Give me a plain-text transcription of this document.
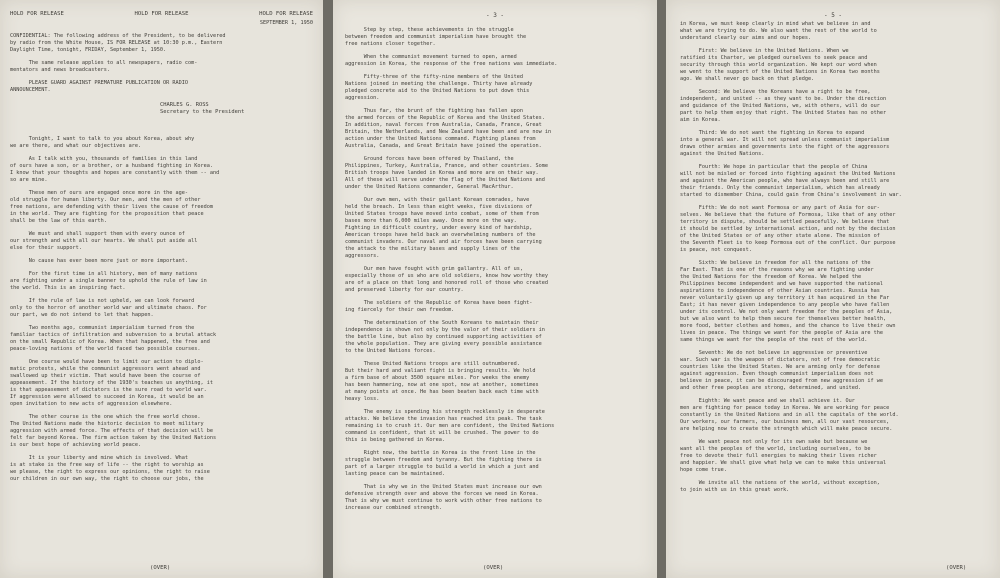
HOLD FOR RELEASE	HOLD FOR RELEASE	HOLD FOR RELEASE
SEPTEMBER 1, 1950
CONFIDENTIAL: The following address of the President, to be delivered
by radio from the White House, IS FOR RELEASE at 10:30 p.m., Eastern
Daylight Time, tonight, FRIDAY, September 1, 1950.
The same release applies to all newspapers, radio com-
mentators and news broadcasters.
PLEASE GUARD AGAINST PREMATURE PUBLICATION OR RADIO
ANNOUNCEMENT.
CHARLES G. ROSS
Secretary to the President
Tonight, I want to talk to you about Korea, about why
we are there, and what our objectives are.
As I talk with you, thousands of families in this land
of ours have a son, or a brother, or a husband fighting in Korea.
I know that your thoughts and hopes are constantly with them -- and
so are mine.
These men of ours are engaged once more in the age-
old struggle for human liberty. Our men, and the men of other
free nations, are defending with their lives the cause of freedom
in the world. They are fighting for the proposition that peace
shall be the law of this earth.
We must and shall support them with every ounce of
our strength and with all our hearts. We shall put aside all
else for their support.
No cause has ever been more just or more important.
For the first time in all history, men of many nations
are fighting under a single banner to uphold the rule of law in
the world. This is an inspiring fact.
If the rule of law is not upheld, we can look forward
only to the horror of another world war and ultimate chaos. For
our part, we do not intend to let that happen.
Two months ago, communist imperialism turned from the
familiar tactics of infiltration and subversion to a brutal attack
on the small Republic of Korea. When that happened, the free and
peace-loving nations of the world faced two possible courses.
One course would have been to limit our action to diplo-
matic protests, while the communist aggressors went ahead and
swallowed up their victim. That would have been the course of
appeasement. If the history of the 1930's teaches us anything, it
is that appeasement of dictators is the sure road to world war.
If aggression were allowed to succeed in Korea, it would be an
open invitation to new acts of aggression elsewhere.
The other course is the one which the free world chose.
The United Nations made the historic decision to meet military
aggression with armed force. The effects of that decision will be
felt far beyond Korea. The firm action taken by the United Nations
is our best hope of achieving world peace.
It is your liberty and mine which is involved. What
is at stake is the free way of life -- the right to worship as
we please, the right to express our opinions, the right to raise
our children in our own way, the right to choose our jobs, the
(OVER)
- 3 -
Step by step, these achievements in the struggle
between freedom and communist imperialism have brought the
free nations closer together.
When the communist movement turned to open, armed
aggression in Korea, the response of the free nations was immediate.
Fifty-three of the fifty-nine members of the United
Nations joined in meeting the challenge. Thirty have already
pledged concrete aid to the United Nations to put down this
aggression.
Thus far, the brunt of the fighting has fallen upon
the armed forces of the Republic of Korea and the United States.
In addition, naval forces from Australia, Canada, France, Great
Britain, the Netherlands, and New Zealand have been and are now in
action under the United Nations command. Fighting planes from
Australia, Canada, and Great Britain have joined the operation.
Ground forces have been offered by Thailand, the
Philippines, Turkey, Australia, France, and other countries. Some
British troops have landed in Korea and more are on their way.
All of these will serve under the flag of the United Nations and
under the United Nations commander, General MacArthur.
Our own men, with their gallant Korean comrades, have
held the breach. In less than eight weeks, five divisions of
United States troops have moved into combat, some of them from
bases more than 6,000 miles away. Once more on the way.
Fighting in difficult country, under every kind of hardship,
American troops have held back an overwhelming numbers of the
communist invaders. Our naval and air forces have been carrying
the attack to the military bases and supply lines of the
aggressors.
Our men have fought with grim gallantry. All of us,
especially those of us who are old soldiers, know how worthy they
are of a place on that long and honored roll of those who created
and preserved liberty for our country.
The soldiers of the Republic of Korea have been fight-
ing fiercely for their own freedom.
The determination of the South Koreans to maintain their
independence is shown not only by the valor of their soldiers in
the battle line, but also by continued supporting activities of
the whole population. They are giving every possible assistance
to the United Nations forces.
These United Nations troops are still outnumbered.
But their hard and valiant fight is bringing results. We hold
a firm base of about 3500 square miles. For weeks the enemy
has been hammering, now at one spot, now at another, sometimes
at many points at once. He has been beaten back each time with
heavy loss.
The enemy is spending his strength recklessly in desperate
attacks. We believe the invasion has reached its peak. The task
remaining is to crush it. Our men are confident, the United Nations
command is confident, that it will be crushed. The power to do
this is being gathered in Korea.
Right now, the battle in Korea is the front line in the
struggle between freedom and tyranny. But the fighting there is
part of a larger struggle to build a world in which a just and
lasting peace can be maintained.
That is why we in the United States must increase our own
defensive strength over and above the forces we need in Korea.
That is why we must continue to work with other free nations to
increase our combined strength.
(OVER)
- 5 -
in Korea, we must keep clearly in mind what we believe in and
what we are trying to do. We also want the rest of the world to
understand clearly our aims and our hopes.
First: We believe in the United Nations. When we
ratified its Charter, we pledged ourselves to seek peace and
security through this world organization. We kept our word when
we went to the support of the United Nations in Korea two months
ago. We shall never go back on that pledge.
Second: We believe the Koreans have a right to be free,
independent, and united -- as they want to be. Under the direction
and guidance of the United Nations, we, with others, will do our
part to help them enjoy that right. The United States has no other
aim in Korea.
Third: We do not want the fighting in Korea to expand
into a general war. It will not spread unless communist imperialism
draws other armies and governments into the fight of the aggressors
against the United Nations.
Fourth: We hope in particular that the people of China
will not be misled or forced into fighting against the United Nations
and against the American people, who have always been and still are
their friends. Only the communist imperialism, which has already
started to dismember China, could gain from China's involvement in war.
Fifth: We do not want Formosa or any part of Asia for our-
selves. We believe that the future of Formosa, like that of any other
territory in dispute, should be settled peacefully. We believe that
it should be settled by international action, and not by the decision
of the United States or of any other state alone. The mission of
the Seventh Fleet is to keep Formosa out of the conflict. Our purpose
is peace, not conquest.
Sixth: We believe in freedom for all the nations of the
Far East. That is one of the reasons why we are fighting under
the United Nations for the freedom of Korea. We helped the
Philippines become independent and we have supported the national
aspirations to independence of other Asian countries. Russia has
never voluntarily given up any territory it has acquired in the Far
East; it has never given independence to any people who have fallen
under its control. We not only want freedom for the peoples of Asia,
but we also want to help them secure for themselves better health,
more food, better clothes and homes, and the chance to live their own
lives in peace. The things we want for the people of Asia are the
same things we want for the people of the rest of the world.
Seventh: We do not believe in aggressive or preventive
war. Such war is the weapon of dictators, not of free democratic
countries like the United States. We are arming only for defense
against aggression. Even though communist imperialism does not
believe in peace, it can be discouraged from new aggression if we
and other free peoples are strong, determined, and united.
Eighth: We want peace and we shall achieve it. Our
men are fighting for peace today in Korea. We are working for peace
constantly in the United Nations and in all the capitals of the world.
Our workers, our farmers, our business men, all our vast resources,
are helping now to create the strength which will make peace secure.
We want peace not only for its own sake but because we
want all the peoples of the world, including ourselves, to be
free to devote their full energies to making their lives richer
and happier. We shall give what help we can to make this universal
hope come true.
We invite all the nations of the world, without exception,
to join with us in this great work.
(OVER)
